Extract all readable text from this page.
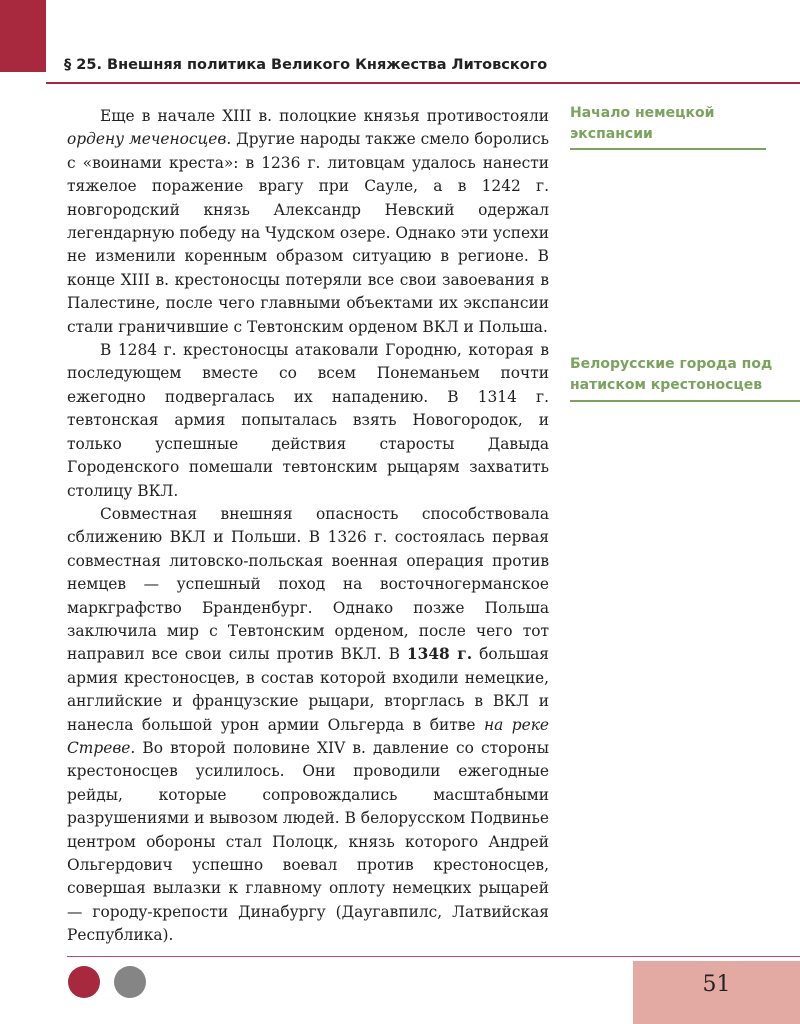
§ 25. Внешняя политика Великого Княжества Литовского

Еще в начале XIII в. полоцкие князья противостояли ордену меченосцев. Другие народы также смело боролись с «воинами креста»: в 1236 г. литовцам удалось нанести тяжелое поражение врагу при Сауле, а в 1242 г. новгородский князь Александр Невский одержал легендарную победу на Чудском озере. Однако эти успехи не изменили коренным образом ситуацию в регионе. В конце XIII в. крестоносцы потеряли все свои завоевания в Палестине, после чего главными объектами их экспансии стали граничившие с Тевтонским орденом ВКЛ и Польша.

В 1284 г. крестоносцы атаковали Городню, которая в последующем вместе со всем Понеманьем почти ежегодно подвергалась их нападению. В 1314 г. тевтонская армия попыталась взять Новогородок, и только успешные действия старосты Давыда Городенского помешали тевтонским рыцарям захватить столицу ВКЛ.

Совместная внешняя опасность способствовала сближению ВКЛ и Польши. В 1326 г. состоялась первая совместная литовско-польская военная операция против немцев — успешный поход на восточногерманское маркграфство Бранденбург. Однако позже Польша заключила мир с Тевтонским орденом, после чего тот направил все свои силы против ВКЛ. В 1348 г. большая армия крестоносцев, в состав которой входили немецкие, английские и французские рыцари, вторглась в ВКЛ и нанесла большой урон армии Ольгерда в битве на реке Стреве. Во второй половине XIV в. давление со стороны крестоносцев усилилось. Они проводили ежегодные рейды, которые сопровождались масштабными разрушениями и вывозом людей. В белорусском Подвинье центром обороны стал Полоцк, князь которого Андрей Ольгердович успешно воевал против крестоносцев, совершая вылазки к главному оплоту немецких рыцарей — городу-крепости Динабургу (Даугавпилс, Латвийская Республика).

Начало немецкой экспансии
Белорусские города под натиском крестоносцев
51
